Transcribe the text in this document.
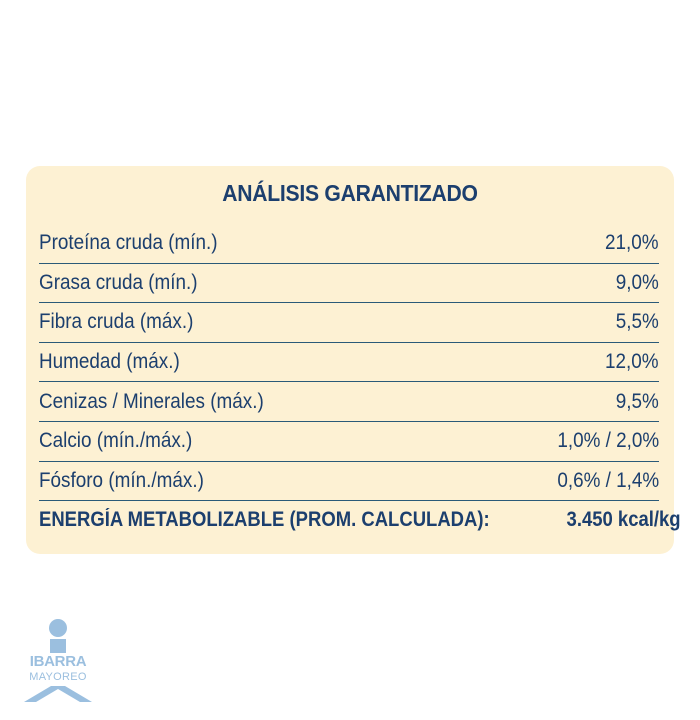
ANÁLISIS GARANTIZADO
Proteína cruda (mín.)	21,0%
Grasa cruda (mín.)	9,0%
Fibra cruda (máx.)	5,5%
Humedad (máx.)	12,0%
Cenizas / Minerales (máx.)	9,5%
Calcio (mín./máx.)	1,0% / 2,0%
Fósforo (mín./máx.)	0,6% / 1,4%
ENERGÍA METABOLIZABLE (PROM. CALCULADA):	3.450 kcal/kg
IBARRA
MAYOREO
